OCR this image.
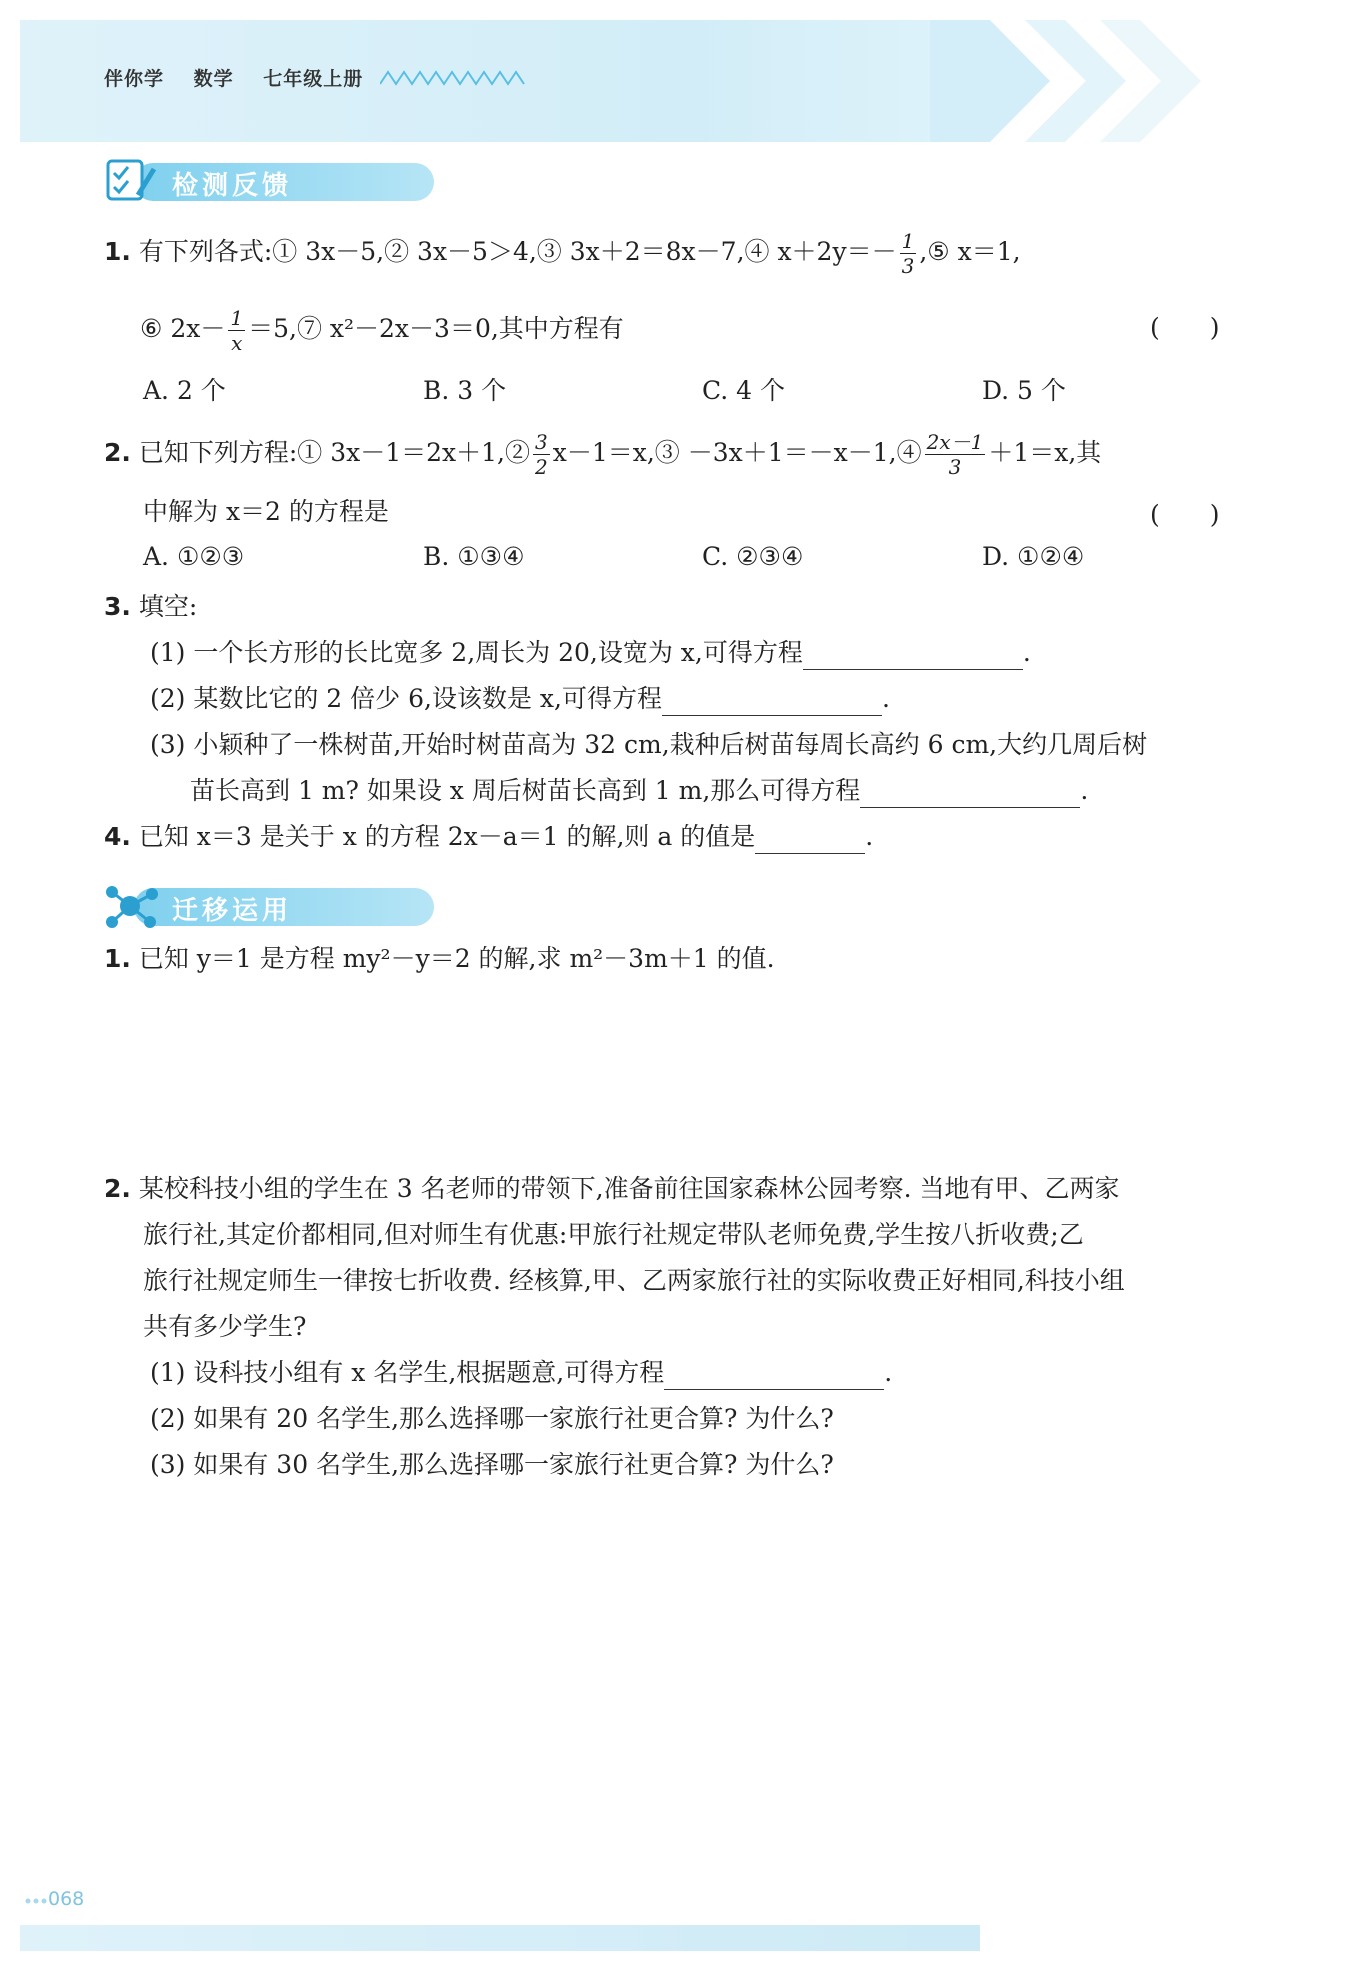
伴你学 数学 七年级上册
检测反馈
1. 有下列各式:① 3x－5,② 3x－5＞4,③ 3x＋2＝8x－7,④ $x+2y=- \frac{1}{3}$ ,⑤ x＝1,
⑥ $2x- \frac{1}{x}$ ＝5,⑦ x²－2x－3＝0,其中方程有	(　　)
A. 2 个	B. 3 个	C. 4 个	D. 5 个
2. 已知下列方程:① 3x－1＝2x＋1,② $\frac{3}{2}$ x－1＝x,③ －3x＋1＝－x－1,④ $\frac{2x-1}{3} +1=x$,其
中解为 x＝2 的方程是	(　　)
A. ①②③	B. ①③④	C. ②③④	D. ①②④
3. 填空:
(1) 一个长方形的长比宽多 2,周长为 20,设宽为 x,可得方程	.
(2) 某数比它的 2 倍少 6,设该数是 x,可得方程	.
(3) 小颖种了一株树苗,开始时树苗高为 32 cm,栽种后树苗每周长高约 6 cm,大约几周后树
苗长高到 1 m? 如果设 x 周后树苗长高到 1 m,那么可得方程	.
4. 已知 x＝3 是关于 x 的方程 2x－a＝1 的解,则 a 的值是	.
迁移运用
1. 已知 y＝1 是方程 my²－y＝2 的解,求 m²－3m＋1 的值.
2. 某校科技小组的学生在 3 名老师的带领下,准备前往国家森林公园考察. 当地有甲、乙两家
旅行社,其定价都相同,但对师生有优惠:甲旅行社规定带队老师免费,学生按八折收费;乙
旅行社规定师生一律按七折收费. 经核算,甲、乙两家旅行社的实际收费正好相同,科技小组
共有多少学生?
(1) 设科技小组有 x 名学生,根据题意,可得方程	.
(2) 如果有 20 名学生,那么选择哪一家旅行社更合算? 为什么?
(3) 如果有 30 名学生,那么选择哪一家旅行社更合算? 为什么?
068
